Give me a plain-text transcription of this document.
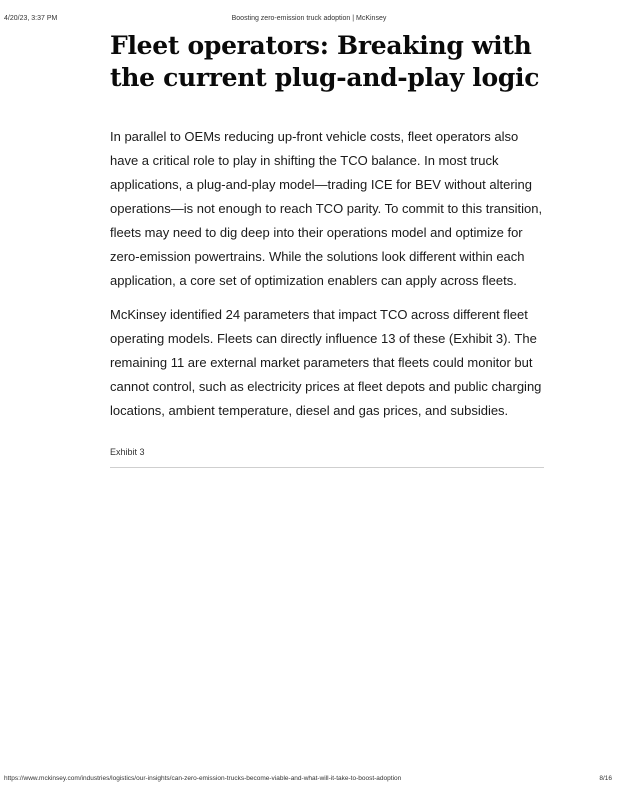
4/20/23, 3:37 PM	Boosting zero-emission truck adoption | McKinsey
Fleet operators: Breaking with the current plug-and-play logic

In parallel to OEMs reducing up-front vehicle costs, fleet operators also have a critical role to play in shifting the TCO balance. In most truck applications, a plug-and-play model—trading ICE for BEV without altering operations—is not enough to reach TCO parity. To commit to this transition, fleets may need to dig deep into their operations model and optimize for zero-emission powertrains. While the solutions look different within each application, a core set of optimization enablers can apply across fleets.

McKinsey identified 24 parameters that impact TCO across different fleet operating models. Fleets can directly influence 13 of these (Exhibit 3). The remaining 11 are external market parameters that fleets could monitor but cannot control, such as electricity prices at fleet depots and public charging locations, ambient temperature, diesel and gas prices, and subsidies.

Exhibit 3
https://www.mckinsey.com/industries/logistics/our-insights/can-zero-emission-trucks-become-viable-and-what-will-it-take-to-boost-adoption	8/16
